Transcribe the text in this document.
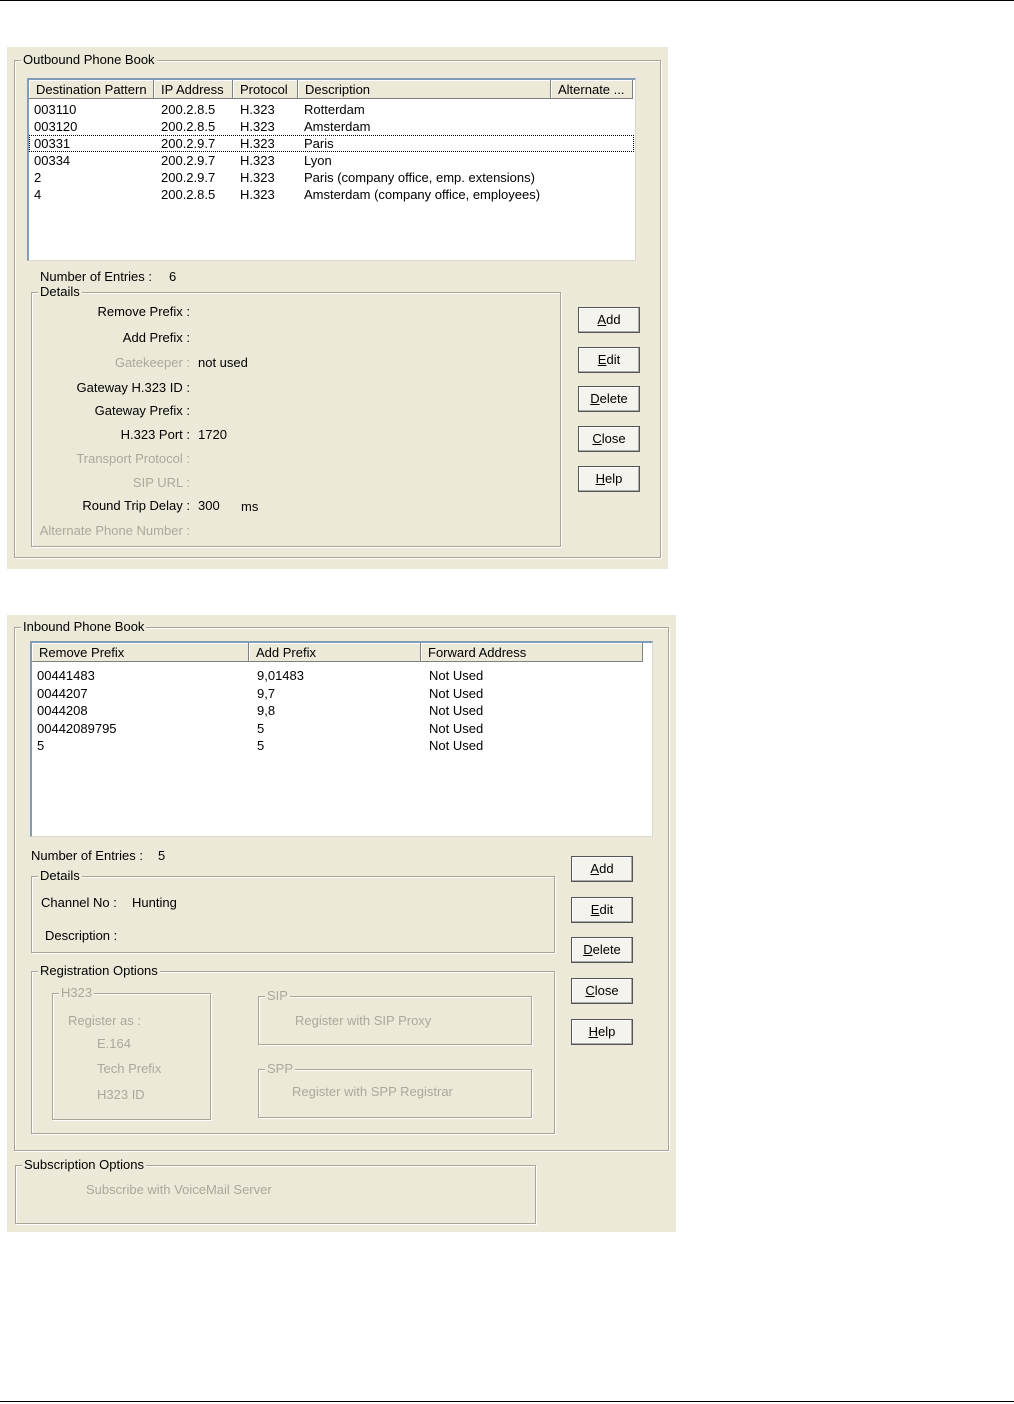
Outbound Phone Book
Destination Pattern	IP Address	Protocol	Description	Alternate ...
003110	200.2.8.5 H.323 Rotterdam
003120	200.2.8.5 H.323 Amsterdam
00331	200.2.9.7 H.323 Paris
00334	200.2.9.7 H.323 Lyon
2	200.2.9.7 H.323 Paris (company office, emp. extensions)
4	200.2.8.5 H.323 Amsterdam (company office, employees)
Number of Entries : 6
Details
Remove Prefix :
Add Prefix :
Gatekeeper : not used
Gateway H.323 ID :
Gateway Prefix :
H.323 Port : 1720
Transport Protocol :
SIP URL :
Round Trip Delay : 300 ms
Alternate Phone Number :
Add
Edit
Delete
Close
Help
Inbound Phone Book
Remove Prefix	Add Prefix	Forward Address
00441483	9,01483	Not Used
0044207	9,7	Not Used
0044208	9,8	Not Used
00442089795	5	Not Used
5	5	Not Used
Number of Entries : 5
Details
Channel No : Hunting
Description :
Registration Options
H323
Register as :
E.164
Tech Prefix
H323 ID
SIP
Register with SIP Proxy
SPP
Register with SPP Registrar
Subscription Options
Subscribe with VoiceMail Server
Add
Edit
Delete
Close
Help
